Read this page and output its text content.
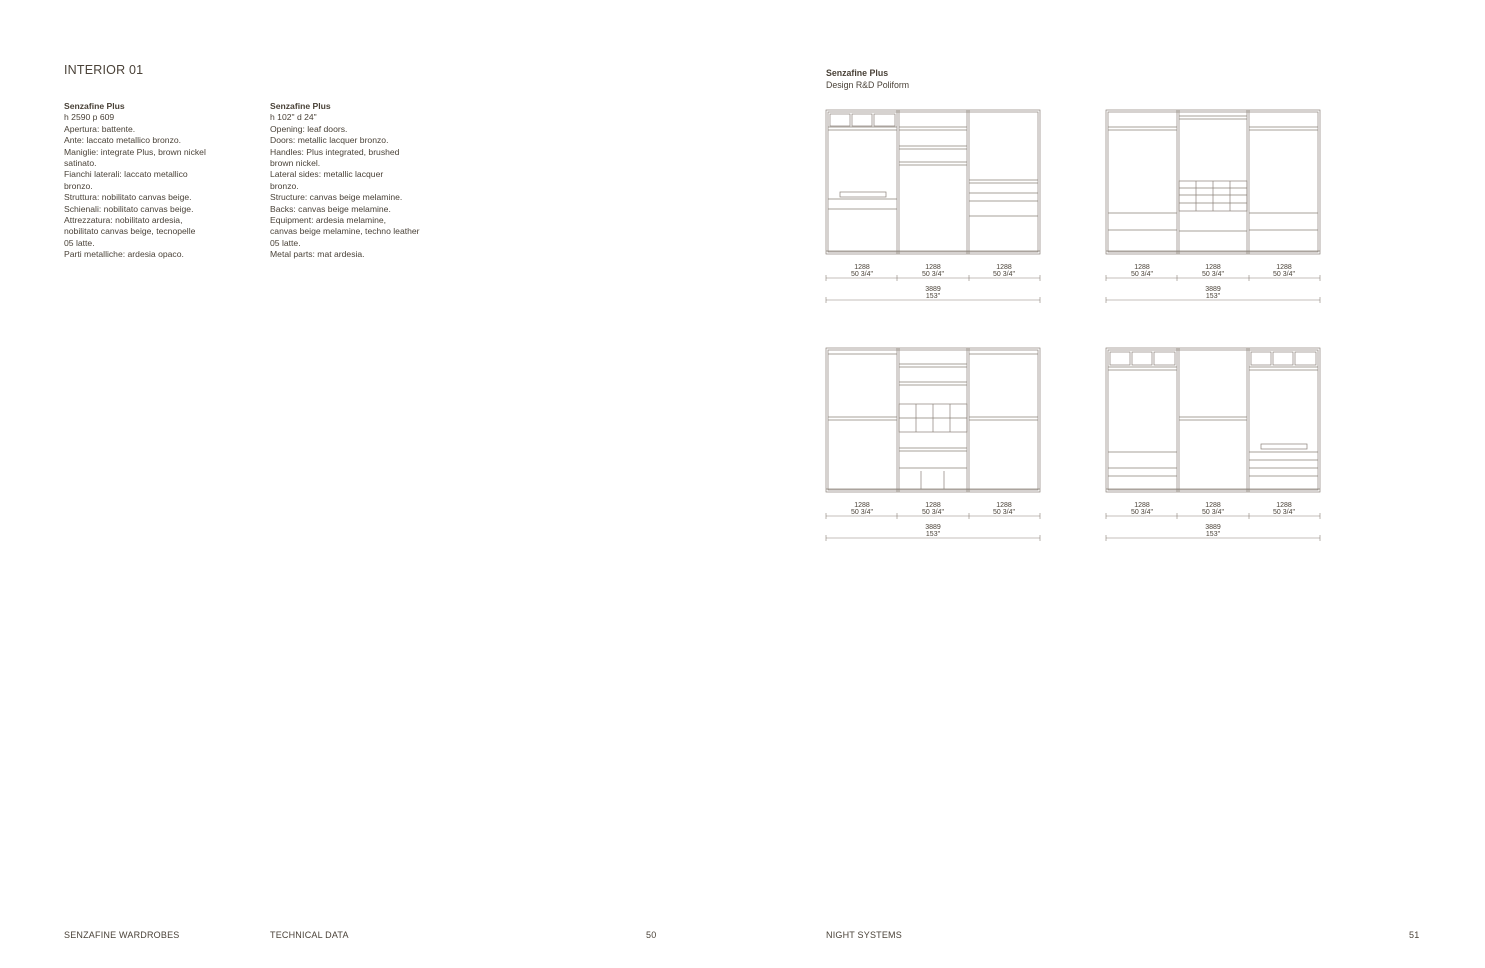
INTERIOR 01
Senzafine Plus
h 2590 p 609
Apertura: battente.
Ante: laccato metallico bronzo.
Maniglie: integrate Plus, brown nickel
satinato.
Fianchi laterali: laccato metallico
bronzo.
Struttura: nobilitato canvas beige.
Schienali: nobilitato canvas beige.
Attrezzatura: nobilitato ardesia,
nobilitato canvas beige, tecnopelle
05 latte.
Parti metalliche: ardesia opaco.
Senzafine Plus
h 102" d 24"
Opening: leaf doors.
Doors: metallic lacquer bronzo.
Handles: Plus integrated, brushed
brown nickel.
Lateral sides: metallic lacquer
bronzo.
Structure: canvas beige melamine.
Backs: canvas beige melamine.
Equipment: ardesia melamine,
canvas beige melamine, techno leather
05 latte.
Metal parts: mat ardesia.
Senzafine Plus
Design R&D Poliform
1288
50 3/4"
1288
50 3/4"
1288
50 3/4"
3889
153"
1288
50 3/4"
1288
50 3/4"
1288
50 3/4"
3889
153"
1288
50 3/4"
1288
50 3/4"
1288
50 3/4"
3889
153"
1288
50 3/4"
1288
50 3/4"
1288
50 3/4"
3889
153"
SENZAFINE WARDROBES	TECHNICAL DATA	50	NIGHT SYSTEMS	51
